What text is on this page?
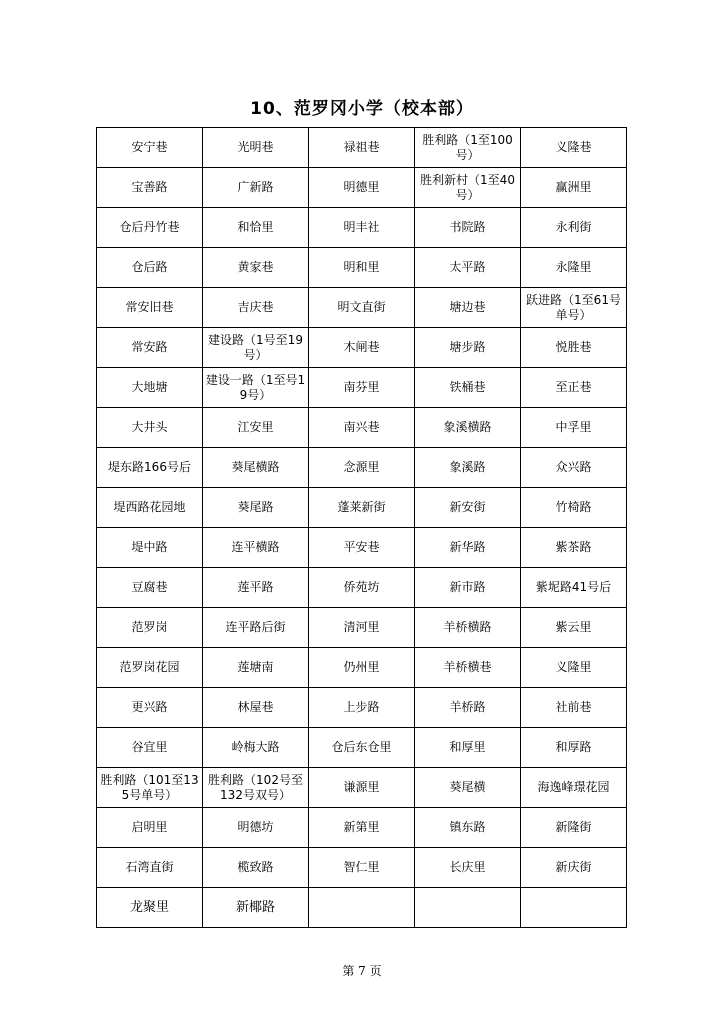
10、范罗冈小学（校本部）
安宁巷	光明巷	禄祖巷	胜利路（1至100号）	义隆巷
宝善路	广新路	明德里	胜利新村（1至40号）	赢洲里
仓后丹竹巷	和恰里	明丰社	书院路	永利街
仓后路	黄家巷	明和里	太平路	永隆里
常安旧巷	吉庆巷	明文直街	塘边巷	跃进路（1至61号单号）
常安路	建设路（1号至19号）	木闸巷	塘步路	悦胜巷
大地塘	建设一路（1至号19号）	南芬里	铁桶巷	至正巷
大井头	江安里	南兴巷	象溪横路	中孚里
堤东路166号后	葵尾横路	念源里	象溪路	众兴路
堤西路花园地	葵尾路	蓬莱新街	新安街	竹椅路
堤中路	连平横路	平安巷	新华路	紫茶路
豆腐巷	莲平路	侨苑坊	新市路	紫坭路41号后
范罗岗	连平路后街	清河里	羊桥横路	紫云里
范罗岗花园	莲塘南	仍州里	羊桥横巷	义隆里
更兴路	林屋巷	上步路	羊桥路	社前巷
谷宜里	岭梅大路	仓后东仓里	和厚里	和厚路
胜利路（101至135号单号）	胜利路（102号至132号双号）	谦源里	葵尾横	海逸峰璟花园
启明里	明德坊	新第里	镇东路	新隆街
石湾直街	榄致路	智仁里	长庆里	新庆街
龙聚里	新椰路			
第 7 页
